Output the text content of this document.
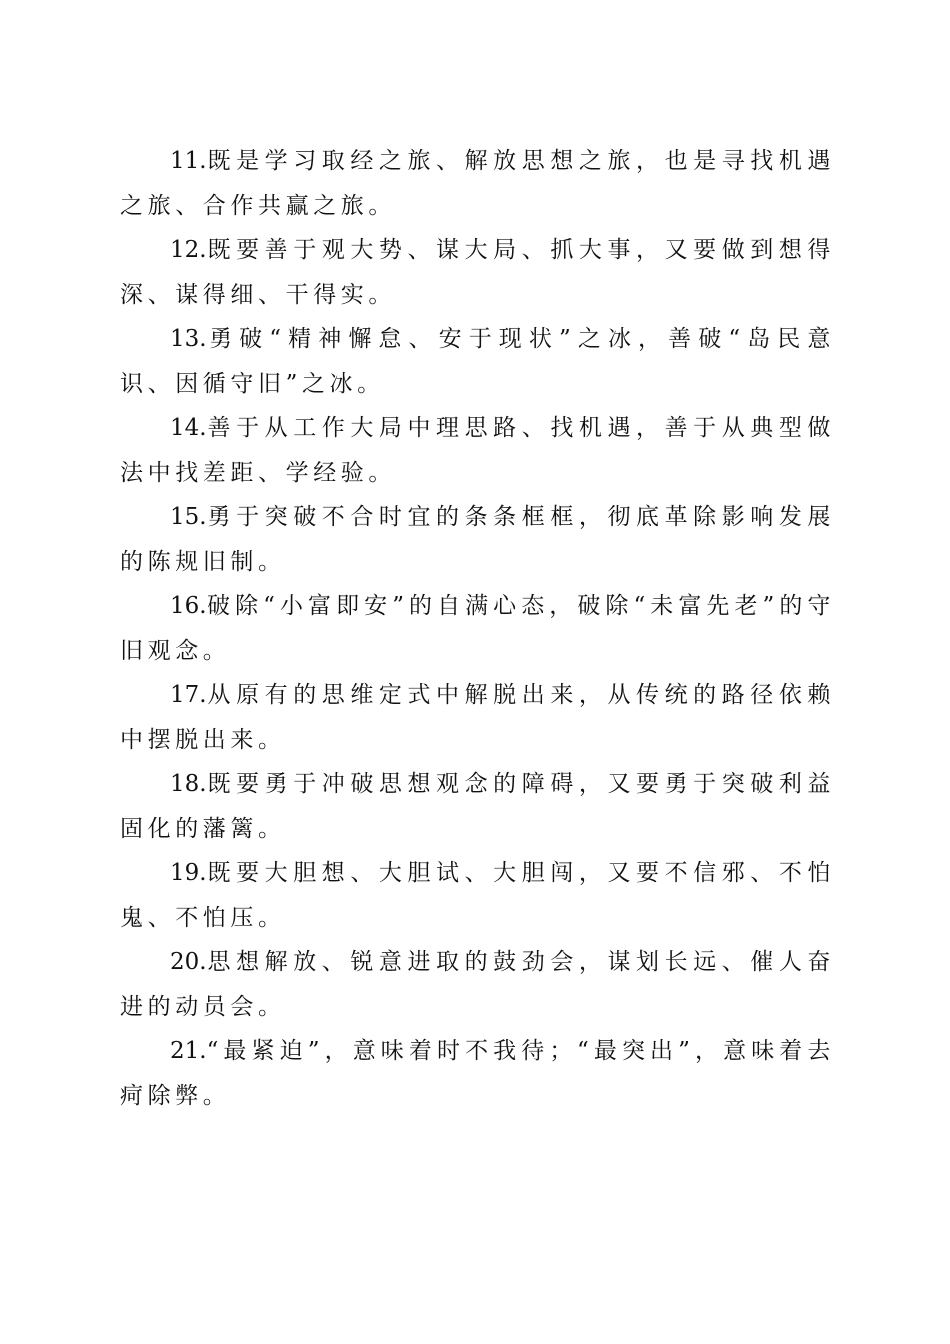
11.既是学习取经之旅、解放思想之旅，也是寻找机遇之旅、合作共赢之旅。

12.既要善于观大势、谋大局、抓大事，又要做到想得深、谋得细、干得实。

13.勇破“精神懈怠、安于现状”之冰，善破“岛民意识、因循守旧”之冰。

14.善于从工作大局中理思路、找机遇，善于从典型做法中找差距、学经验。

15.勇于突破不合时宜的条条框框，彻底革除影响发展的陈规旧制。

16.破除“小富即安”的自满心态，破除“未富先老”的守旧观念。

17.从原有的思维定式中解脱出来，从传统的路径依赖中摆脱出来。

18.既要勇于冲破思想观念的障碍，又要勇于突破利益固化的藩篱。

19.既要大胆想、大胆试、大胆闯，又要不信邪、不怕鬼、不怕压。

20.思想解放、锐意进取的鼓劲会，谋划长远、催人奋进的动员会。

21.“最紧迫”，意味着时不我待；“最突出”，意味着去疴除弊。
